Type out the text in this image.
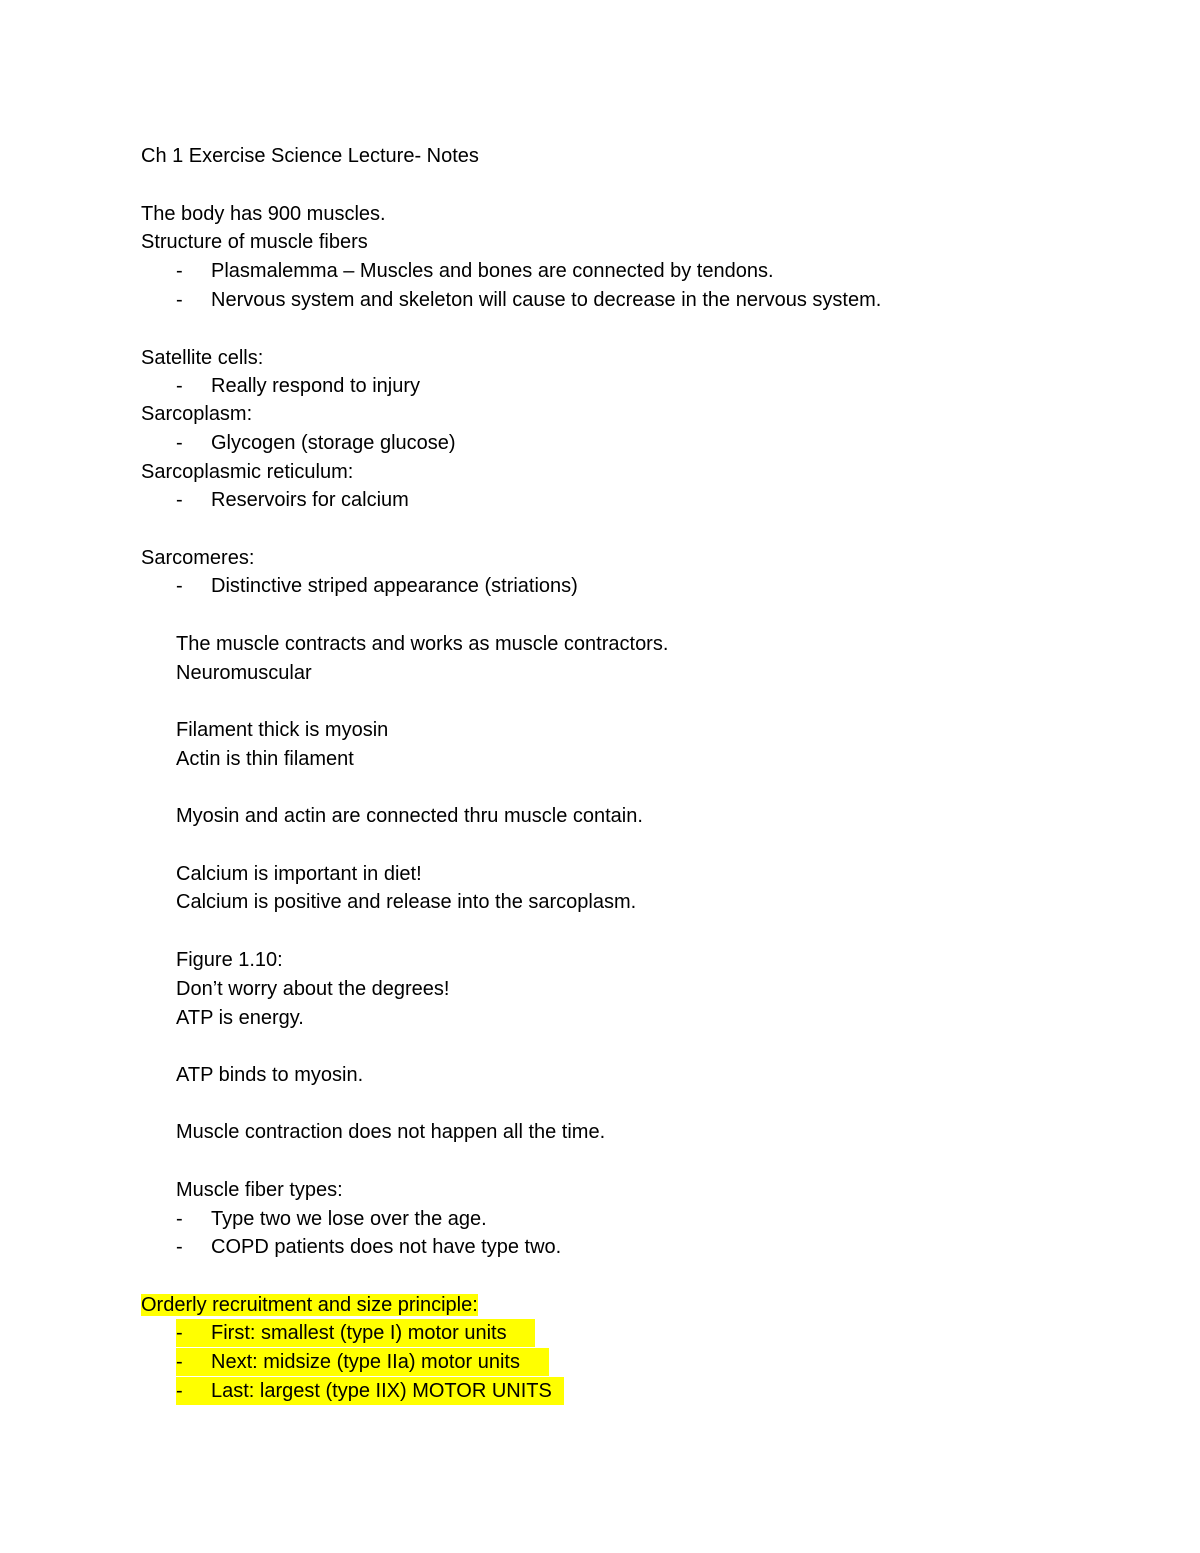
Ch 1 Exercise Science Lecture- Notes
The body has 900 muscles.
Structure of muscle fibers
- Plasmalemma – Muscles and bones are connected by tendons.
- Nervous system and skeleton will cause to decrease in the nervous system.
Satellite cells:
- Really respond to injury
Sarcoplasm:
- Glycogen (storage glucose)
Sarcoplasmic reticulum:
- Reservoirs for calcium
Sarcomeres:
- Distinctive striped appearance (striations)
The muscle contracts and works as muscle contractors.
Neuromuscular
Filament thick is myosin
Actin is thin filament
Myosin and actin are connected thru muscle contain.
Calcium is important in diet!
Calcium is positive and release into the sarcoplasm.
Figure 1.10:
Don’t worry about the degrees!
ATP is energy.
ATP binds to myosin.
Muscle contraction does not happen all the time.
Muscle fiber types:
- Type two we lose over the age.
- COPD patients does not have type two.
Orderly recruitment and size principle:
- First: smallest (type I) motor units
- Next: midsize (type IIa) motor units
- Last: largest (type IIX) MOTOR UNITS
